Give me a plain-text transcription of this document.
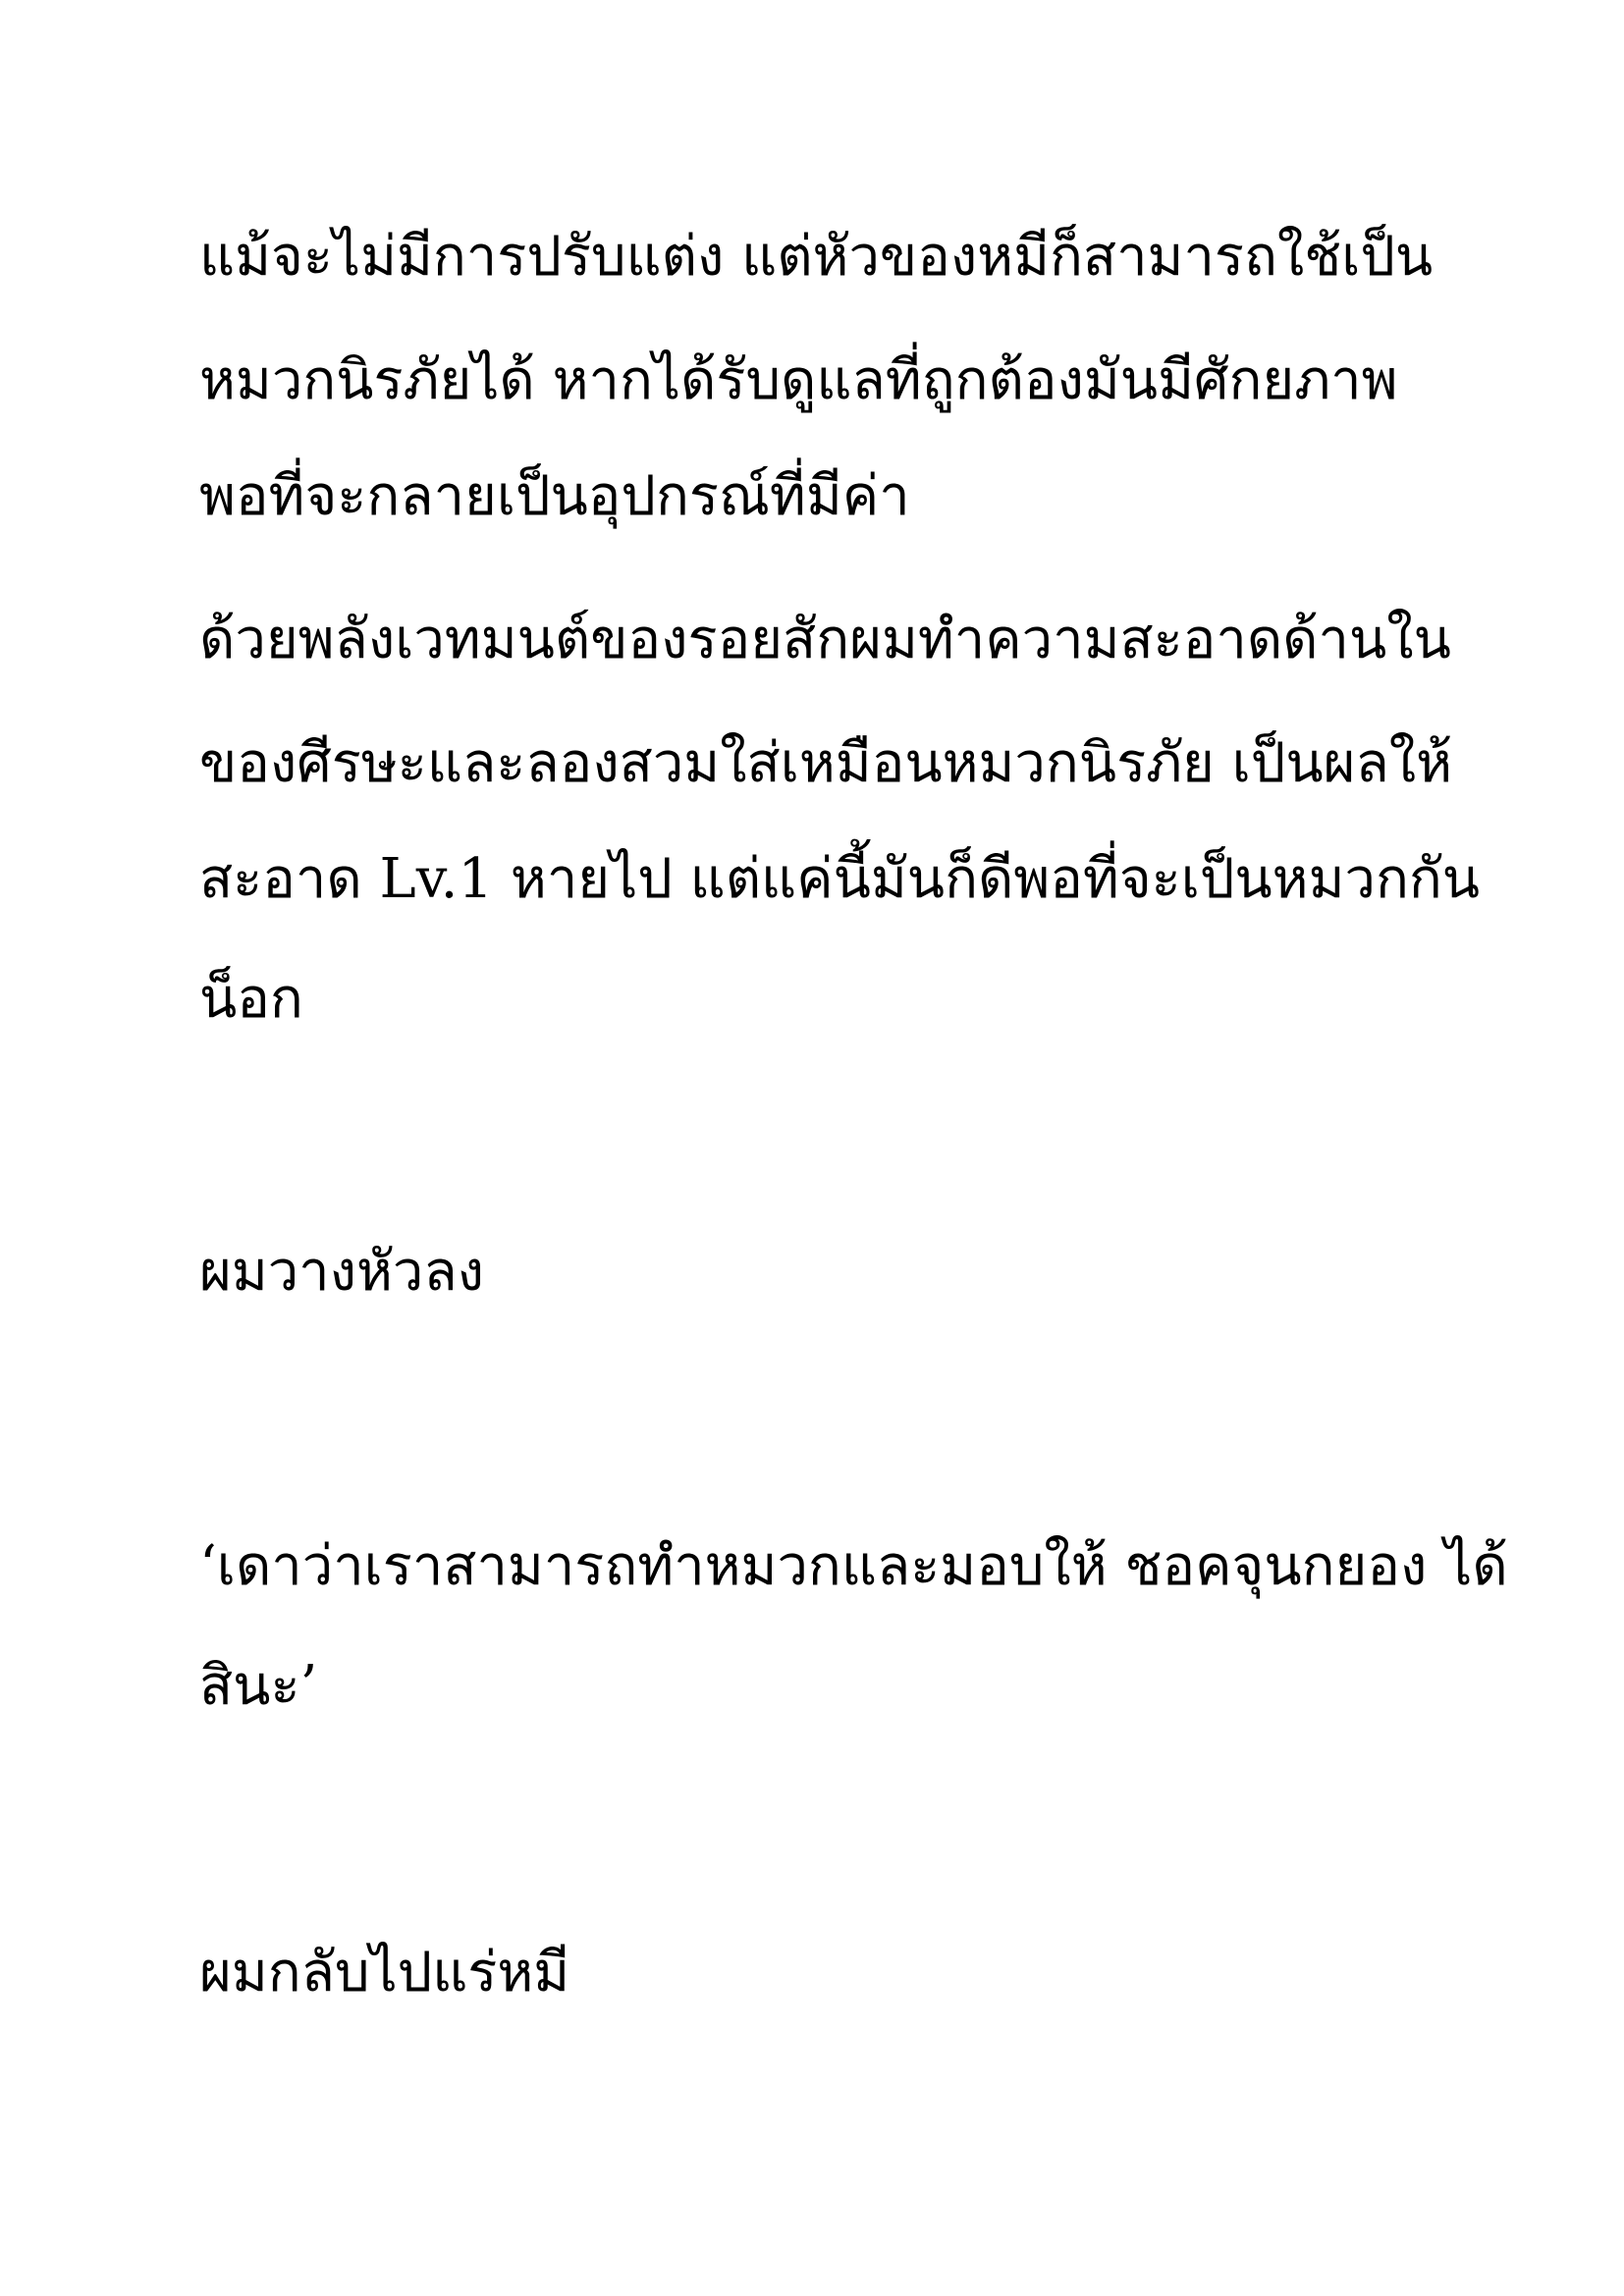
แม้จะไม่มีการปรับแต่ง แต่หัวของหมีก็สามารถใช้เป็น

หมวกนิรภัยได้ หากได้รับดูแลที่ถูกต้องมันมีศักยภาพ

พอที่จะกลายเป็นอุปกรณ์ที่มีค่า

ด้วยพลังเวทมนต์ของรอยสักผมทำความสะอาดด้านใน

ของศีรษะและลองสวมใส่เหมือนหมวกนิรภัย เป็นผลให้

สะอาด Lv.1 หายไป แต่แค่นี้มันก็ดีพอที่จะเป็นหมวกกัน

น็อก

ผมวางหัวลง

‘เดาว่าเราสามารถทำหมวกและมอบให้ ชอคจุนกยอง ได้

สินะ’

ผมกลับไปแร่หมี
